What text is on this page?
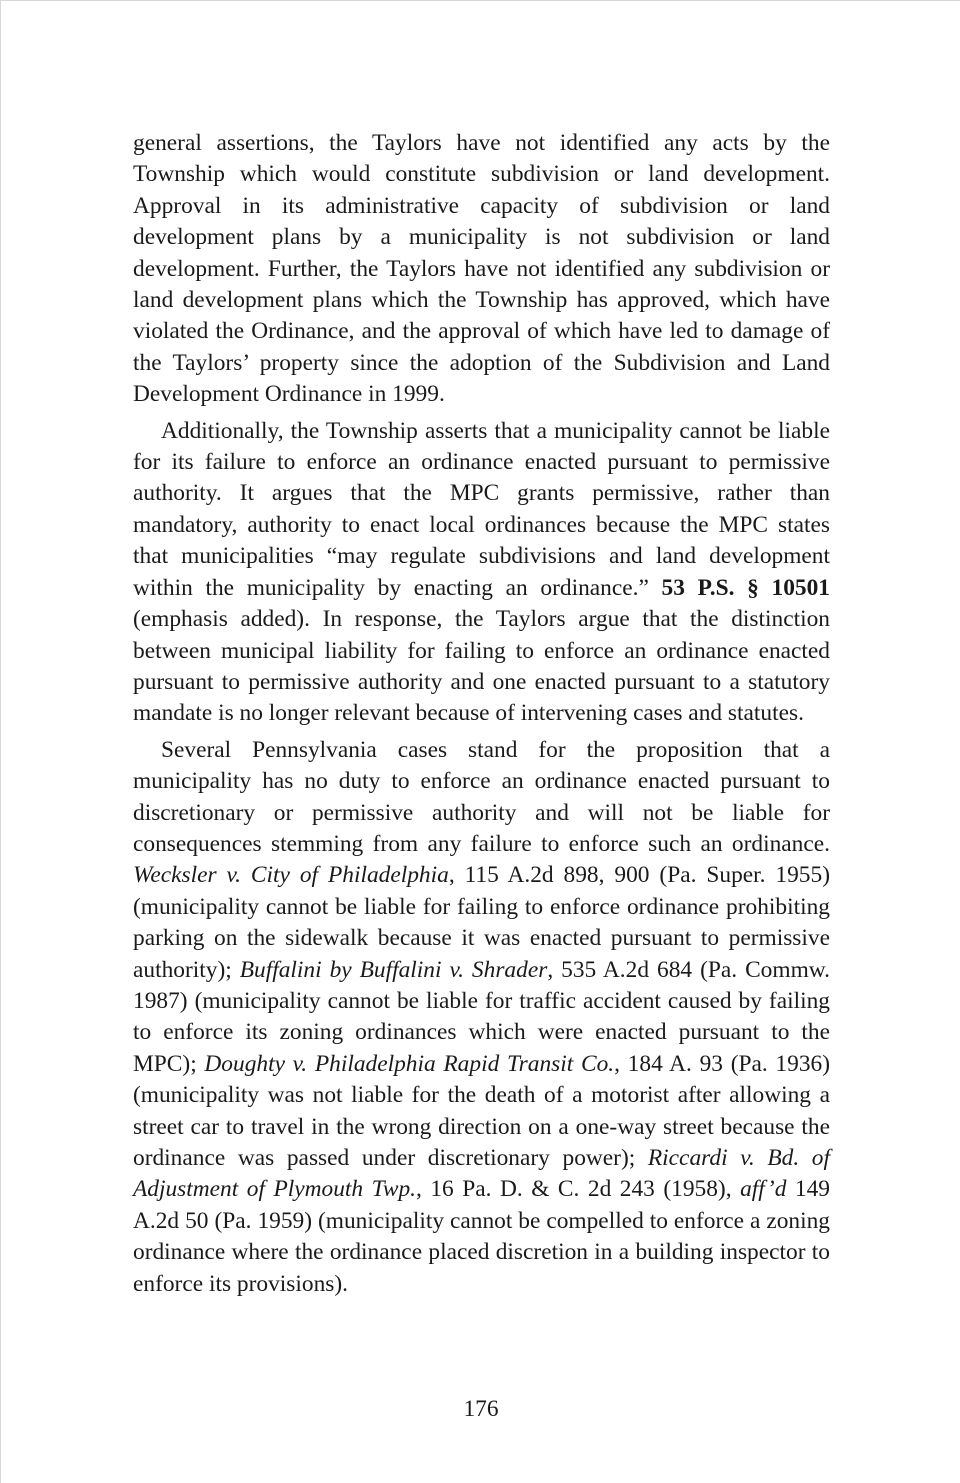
general assertions, the Taylors have not identified any acts by the Township which would constitute subdivision or land development. Approval in its administrative capacity of subdivision or land development plans by a municipality is not subdivision or land development. Further, the Taylors have not identified any subdivision or land development plans which the Township has approved, which have violated the Ordinance, and the approval of which have led to damage of the Taylors’ property since the adoption of the Subdivision and Land Development Ordinance in 1999.

Additionally, the Township asserts that a municipality cannot be liable for its failure to enforce an ordinance enacted pursuant to permissive authority. It argues that the MPC grants permissive, rather than mandatory, authority to enact local ordinances because the MPC states that municipalities “may regulate subdivisions and land development within the municipality by enacting an ordinance.” 53 P.S. § 10501 (emphasis added). In response, the Taylors argue that the distinction between municipal liability for failing to enforce an ordinance enacted pursuant to permissive authority and one enacted pursuant to a statutory mandate is no longer relevant because of intervening cases and statutes.

Several Pennsylvania cases stand for the proposition that a municipality has no duty to enforce an ordinance enacted pursuant to discretionary or permissive authority and will not be liable for consequences stemming from any failure to enforce such an ordinance. Wecksler v. City of Philadelphia, 115 A.2d 898, 900 (Pa. Super. 1955) (municipality cannot be liable for failing to enforce ordinance prohibiting parking on the sidewalk because it was enacted pursuant to permissive authority); Buffalini by Buffalini v. Shrader, 535 A.2d 684 (Pa. Commw. 1987) (municipality cannot be liable for traffic accident caused by failing to enforce its zoning ordinances which were enacted pursuant to the MPC); Doughty v. Philadelphia Rapid Transit Co., 184 A. 93 (Pa. 1936) (municipality was not liable for the death of a motorist after allowing a street car to travel in the wrong direction on a one-way street because the ordinance was passed under discretionary power); Riccardi v. Bd. of Adjustment of Plymouth Twp., 16 Pa. D. & C. 2d 243 (1958), aff’d 149 A.2d 50 (Pa. 1959) (municipality cannot be compelled to enforce a zoning ordinance where the ordinance placed discretion in a building inspector to enforce its provisions).

176
